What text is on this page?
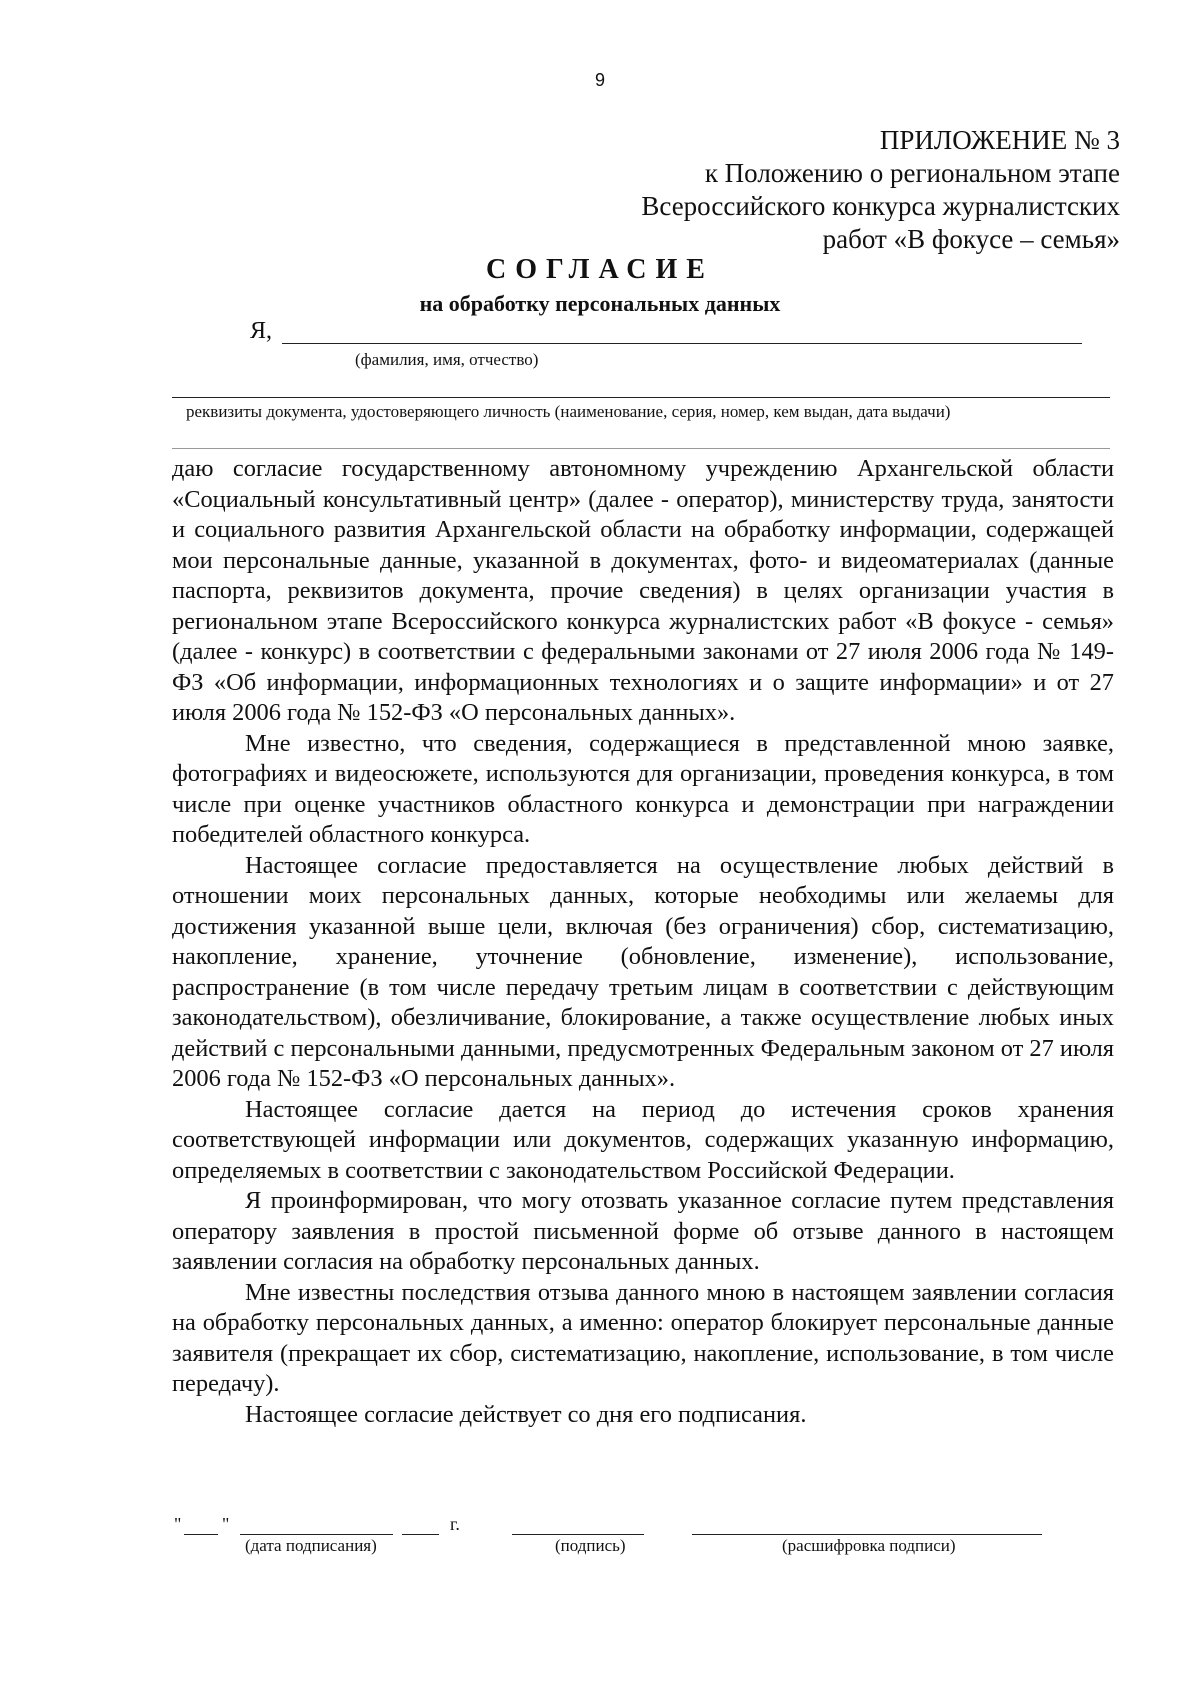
9
ПРИЛОЖЕНИЕ № 3
к Положению о региональном этапе
Всероссийского конкурса журналистских
работ «В фокусе – семья»
СОГЛАСИЕ
на обработку персональных данных
Я,
(фамилия, имя, отчество)
реквизиты документа, удостоверяющего личность (наименование, серия, номер, кем выдан, дата выдачи)

даю согласие государственному автономному учреждению Архангельской области «Социальный консультативный центр» (далее - оператор), министерству труда, занятости и социального развития Архангельской области на обработку информации, содержащей мои персональные данные, указанной в документах, фото- и видеоматериалах (данные паспорта, реквизитов документа, прочие сведения) в целях организации участия в региональном этапе Всероссийского конкурса журналистских работ «В фокусе - семья» (далее - конкурс) в соответствии с федеральными законами от 27 июля 2006 года № 149-ФЗ «Об информации, информационных технологиях и о защите информации» и от 27 июля 2006 года № 152-ФЗ «О персональных данных».

Мне известно, что сведения, содержащиеся в представленной мною заявке, фотографиях и видеосюжете, используются для организации, проведения конкурса, в том числе при оценке участников областного конкурса и демонстрации при награждении победителей областного конкурса.

Настоящее согласие предоставляется на осуществление любых действий в отношении моих персональных данных, которые необходимы или желаемы для достижения указанной выше цели, включая (без ограничения) сбор, систематизацию, накопление, хранение, уточнение (обновление, изменение), использование, распространение (в том числе передачу третьим лицам в соответствии с действующим законодательством), обезличивание, блокирование, а также осуществление любых иных действий с персональными данными, предусмотренных Федеральным законом от 27 июля 2006 года № 152-ФЗ «О персональных данных».

Настоящее согласие дается на период до истечения сроков хранения соответствующей информации или документов, содержащих указанную информацию, определяемых в соответствии с законодательством Российской Федерации.

Я проинформирован, что могу отозвать указанное согласие путем представления оператору заявления в простой письменной форме об отзыве данного в настоящем заявлении согласия на обработку персональных данных.

Мне известны последствия отзыва данного мною в настоящем заявлении согласия на обработку персональных данных, а именно: оператор блокирует персональные данные заявителя (прекращает их сбор, систематизацию, накопление, использование, в том числе передачу).

Настоящее согласие действует со дня его подписания.

" "	г.
(дата подписания)	(подпись)	(расшифровка подписи)
